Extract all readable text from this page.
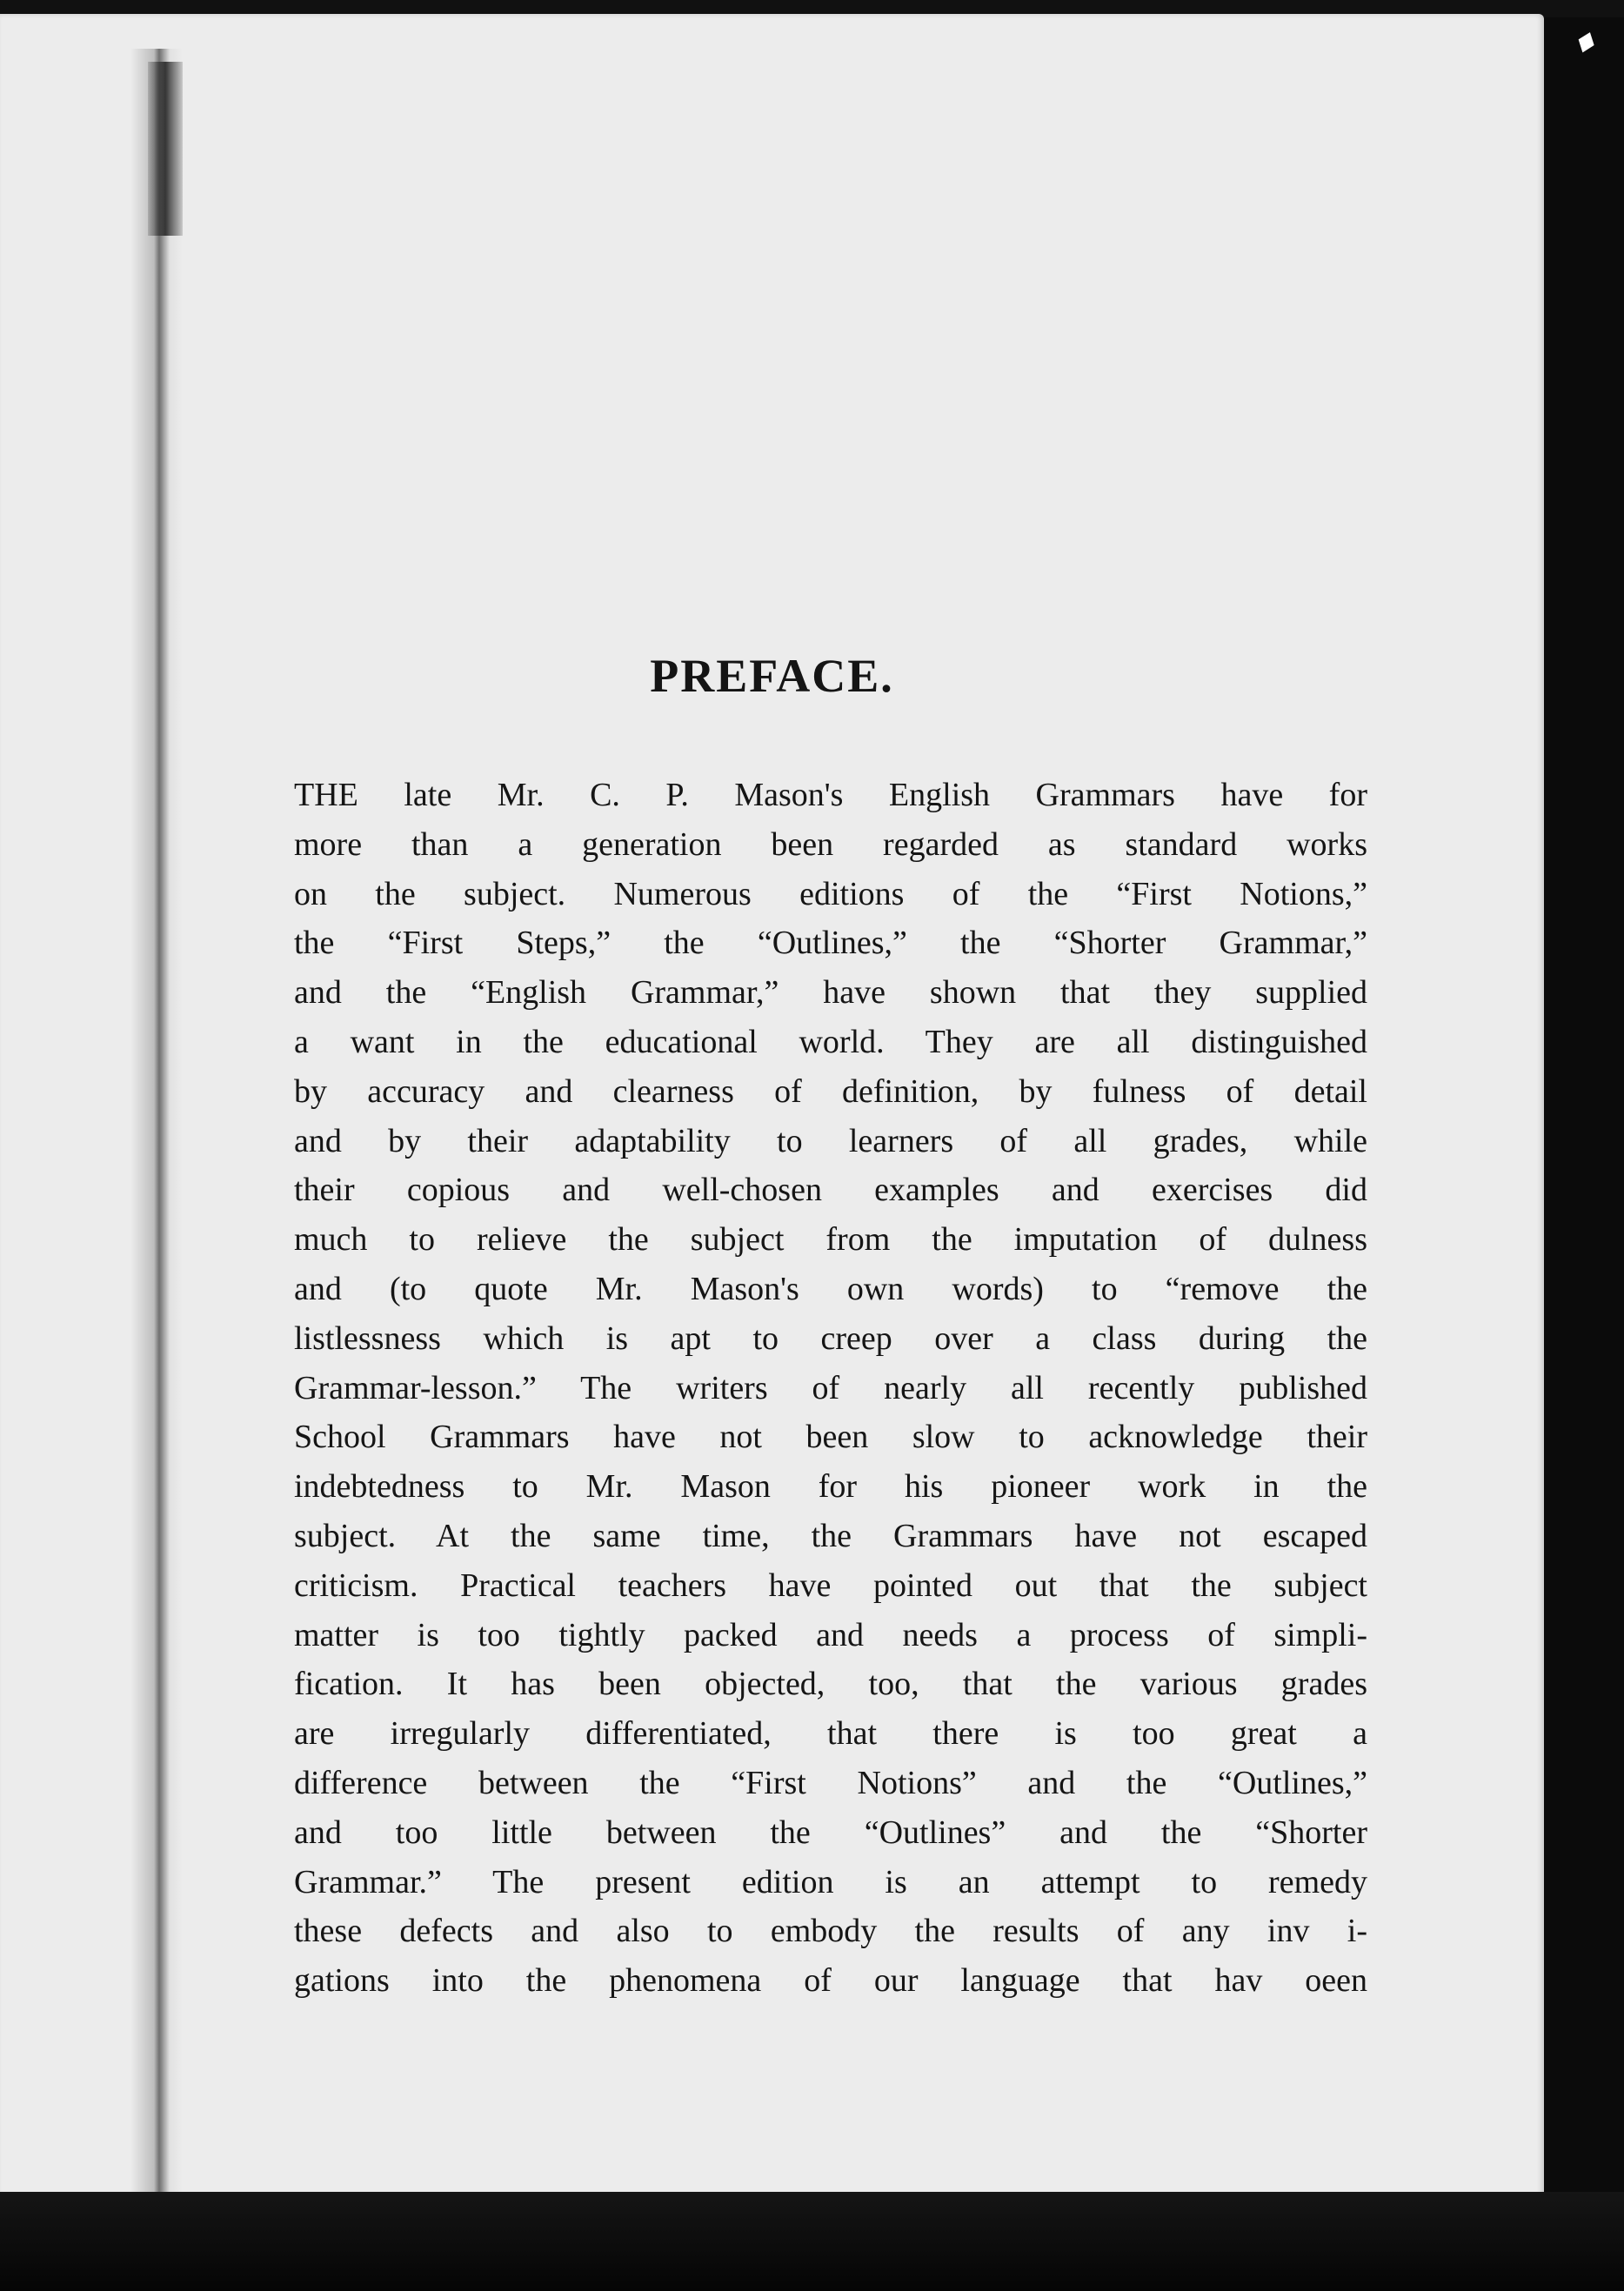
PREFACE.
THE late Mr. C. P. Mason's English Grammars have for
more than a generation been regarded as standard works
on the subject. Numerous editions of the “First Notions,”
the “First Steps,” the “Outlines,” the “Shorter Grammar,”
and the “English Grammar,” have shown that they supplied
a want in the educational world. They are all distinguished
by accuracy and clearness of definition, by fulness of detail
and by their adaptability to learners of all grades, while
their copious and well-chosen examples and exercises did
much to relieve the subject from the imputation of dulness
and (to quote Mr. Mason's own words) to “remove the
listlessness which is apt to creep over a class during the
Grammar-lesson.” The writers of nearly all recently published
School Grammars have not been slow to acknowledge their
indebtedness to Mr. Mason for his pioneer work in the
subject. At the same time, the Grammars have not escaped
criticism. Practical teachers have pointed out that the subject
matter is too tightly packed and needs a process of simpli-
fication. It has been objected, too, that the various grades
are irregularly differentiated, that there is too great a
difference between the “First Notions” and the “Outlines,”
and too little between the “Outlines” and the “Shorter
Grammar.” The present edition is an attempt to remedy
these defects and also to embody the results of any inv i-
gations into the phenomena of our language that hav oeen
♦
